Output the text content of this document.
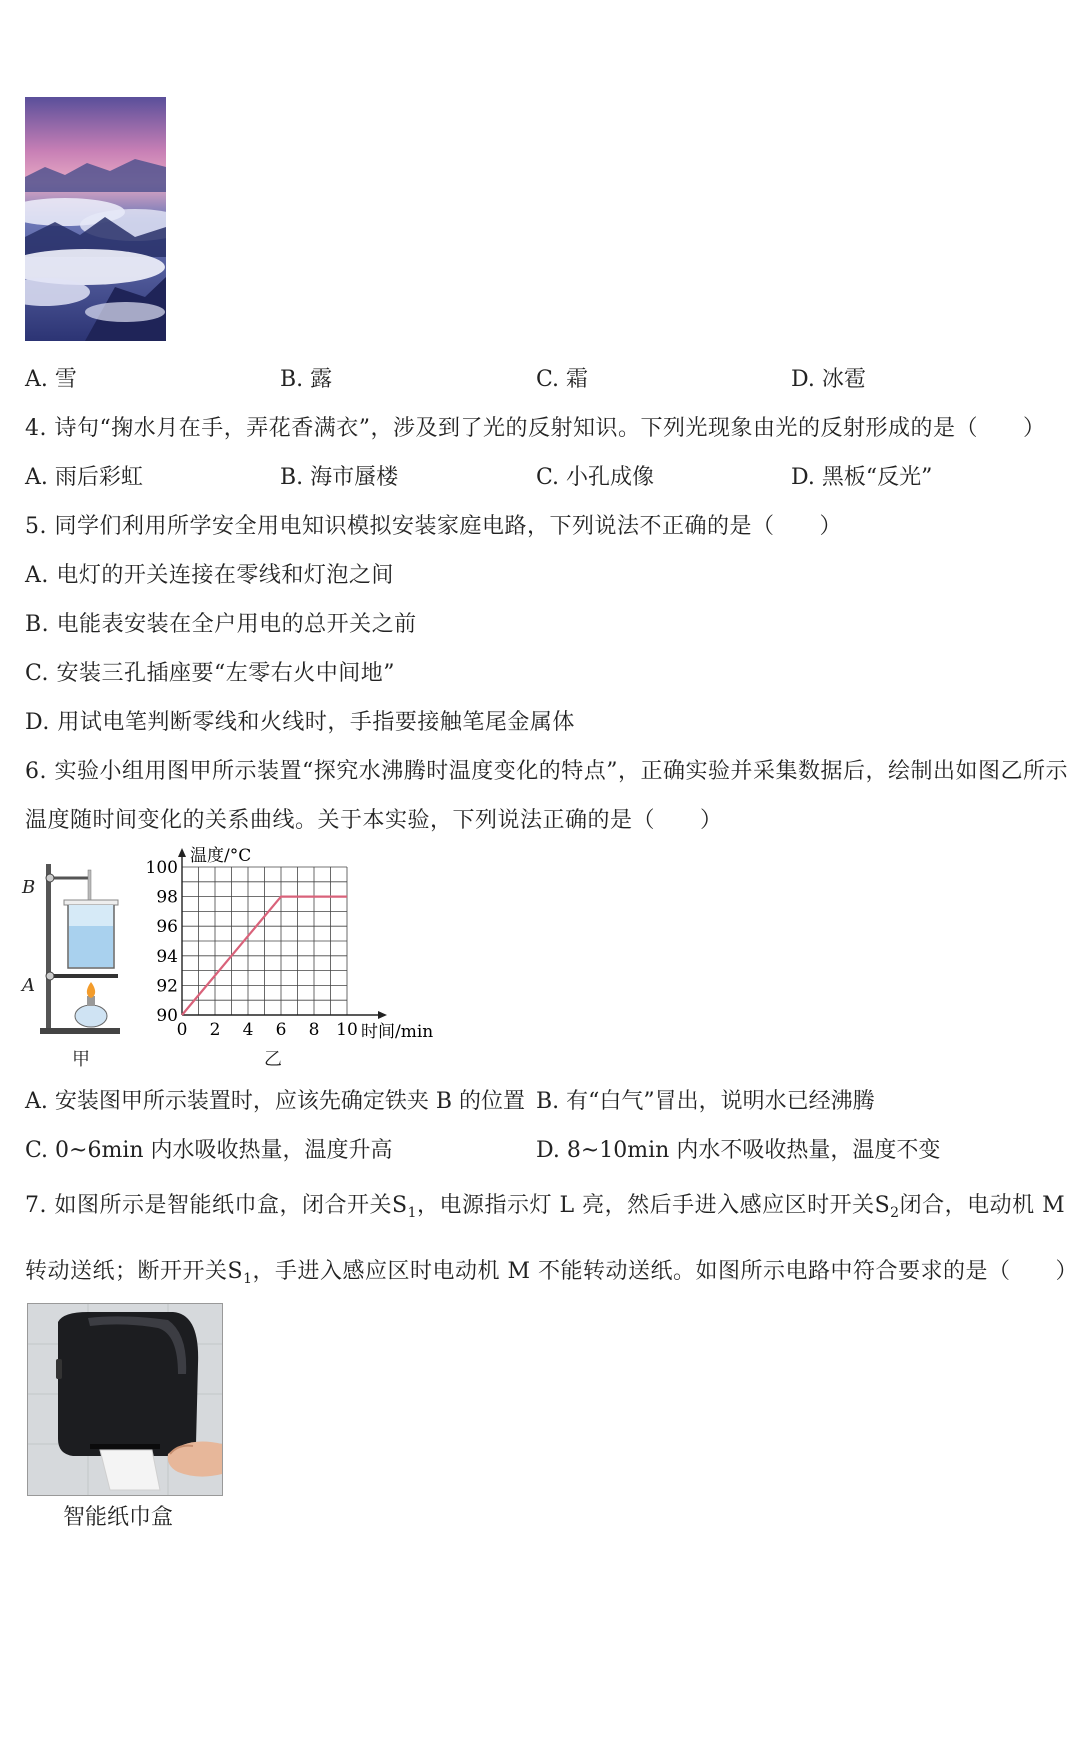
A. 雪	B. 露	C. 霜	D. 冰雹
4. 诗句“掬水月在手，弄花香满衣”，涉及到了光的反射知识。下列光现象由光的反射形成的是（　　）
A. 雨后彩虹	B. 海市蜃楼	C. 小孔成像	D. 黑板“反光”
5. 同学们利用所学安全用电知识模拟安装家庭电路，下列说法不正确的是（　　）
A. 电灯的开关连接在零线和灯泡之间
B. 电能表安装在全户用电的总开关之前
C. 安装三孔插座要“左零右火中间地”
D. 用试电笔判断零线和火线时，手指要接触笔尾金属体
6. 实验小组用图甲所示装置“探究水沸腾时温度变化的特点”，正确实验并采集数据后，绘制出如图乙所示
温度随时间变化的关系曲线。关于本实验，下列说法正确的是（　　）
B
A
甲
0 2 4 6 8 10
90
92
94
96
98
100
温度/°C
时间/min
乙
A. 安装图甲所示装置时，应该先确定铁夹 B 的位置 B. 有“白气”冒出，说明水已经沸腾
C. 0~6min 内水吸收热量，温度升高	D. 8~10min 内水不吸收热量，温度不变
7. 如图所示是智能纸巾盒，闭合开关$S_1$，电源指示灯 L 亮，然后手进入感应区时开关$S_2$闭合，电动机 M
转动送纸；断开开关$S_1$，手进入感应区时电动机 M 不能转动送纸。如图所示电路中符合要求的是（　　）
智能纸巾盒
